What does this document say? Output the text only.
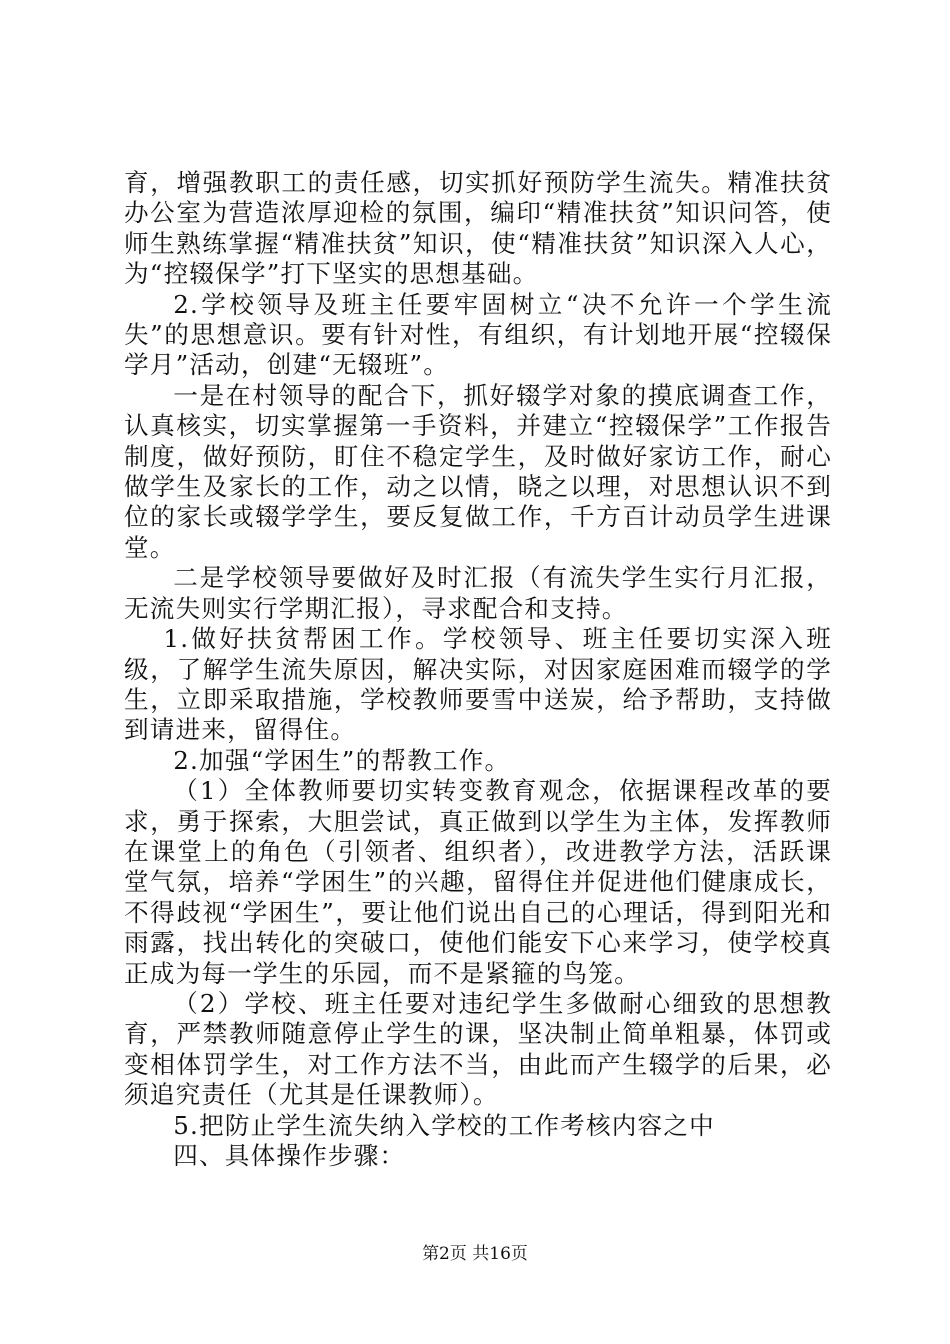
育，增强教职工的责任感，切实抓好预防学生流失。精准扶贫办公室为营造浓厚迎检的氛围，编印“精准扶贫”知识问答，使师生熟练掌握“精准扶贫”知识，使“精准扶贫”知识深入人心，为“控辍保学”打下坚实的思想基础。

2.学校领导及班主任要牢固树立“决不允许一个学生流失”的思想意识。要有针对性，有组织，有计划地开展“控辍保学月”活动，创建“无辍班”。

一是在村领导的配合下，抓好辍学对象的摸底调查工作，认真核实，切实掌握第一手资料，并建立“控辍保学”工作报告制度，做好预防，盯住不稳定学生，及时做好家访工作，耐心做学生及家长的工作，动之以情，晓之以理，对思想认识不到位的家长或辍学学生，要反复做工作，千方百计动员学生进课堂。

二是学校领导要做好及时汇报（有流失学生实行月汇报，无流失则实行学期汇报），寻求配合和支持。

1.做好扶贫帮困工作。学校领导、班主任要切实深入班级，了解学生流失原因，解决实际，对因家庭困难而辍学的学生，立即采取措施，学校教师要雪中送炭，给予帮助，支持做到请进来，留得住。

2.加强“学困生”的帮教工作。

（1）全体教师要切实转变教育观念，依据课程改革的要求，勇于探索，大胆尝试，真正做到以学生为主体，发挥教师在课堂上的角色（引领者、组织者），改进教学方法，活跃课堂气氛，培养“学困生”的兴趣，留得住并促进他们健康成长，不得歧视“学困生”，要让他们说出自己的心理话，得到阳光和雨露，找出转化的突破口，使他们能安下心来学习，使学校真正成为每一学生的乐园，而不是紧箍的鸟笼。

（2）学校、班主任要对违纪学生多做耐心细致的思想教育，严禁教师随意停止学生的课，坚决制止简单粗暴，体罚或变相体罚学生，对工作方法不当，由此而产生辍学的后果，必须追究责任（尤其是任课教师）。

5.把防止学生流失纳入学校的工作考核内容之中

四、具体操作步骤：

第2页 共16页
